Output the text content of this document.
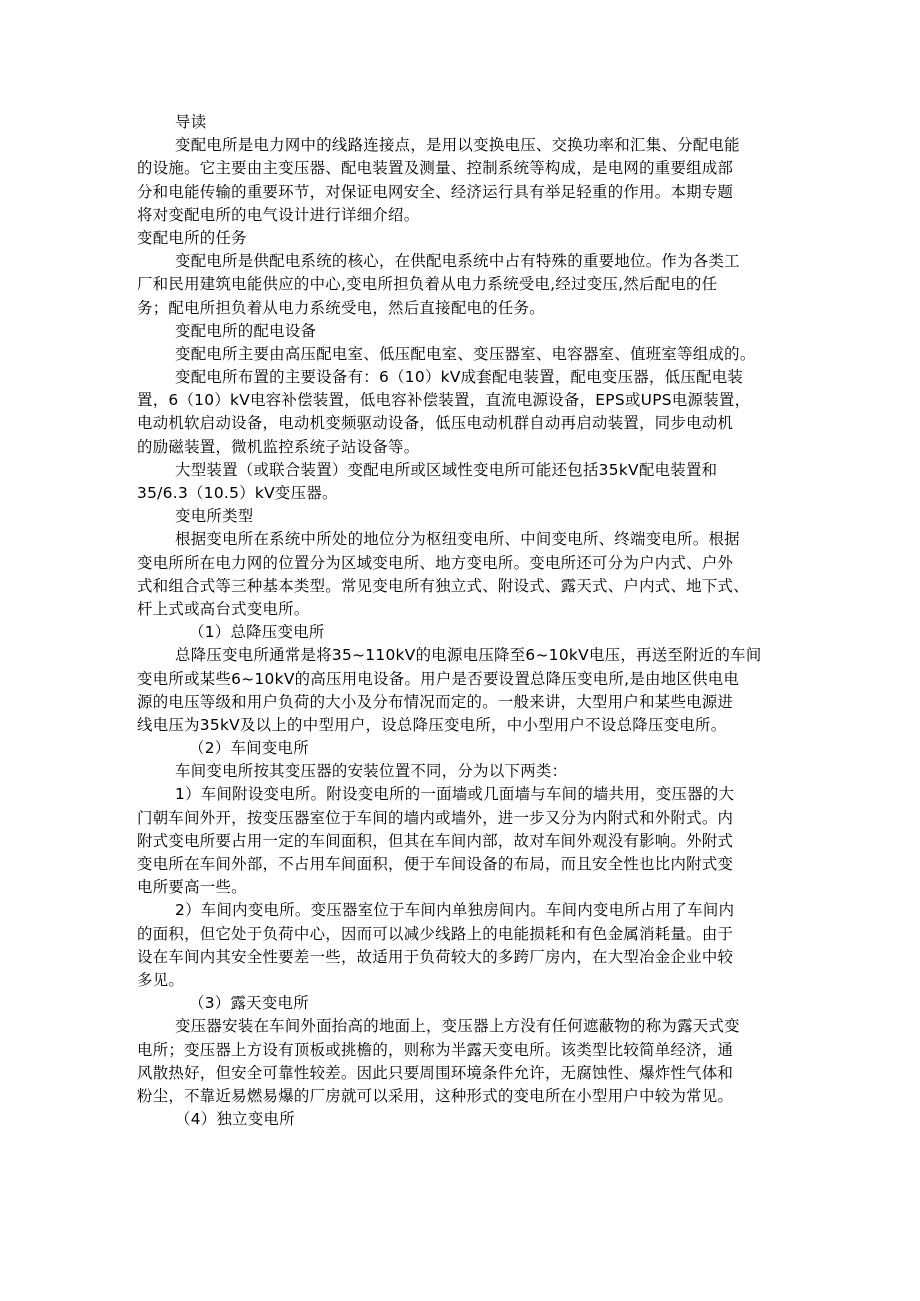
导读
变配电所是电力网中的线路连接点，是用以变换电压、交换功率和汇集、分配电能
的设施。它主要由主变压器、配电装置及测量、控制系统等构成，是电网的重要组成部
分和电能传输的重要环节，对保证电网安全、经济运行具有举足轻重的作用。本期专题
将对变配电所的电气设计进行详细介绍。
变配电所的任务
变配电所是供配电系统的核心，在供配电系统中占有特殊的重要地位。作为各类工
厂和民用建筑电能供应的中心,变电所担负着从电力系统受电,经过变压,然后配电的任
务；配电所担负着从电力系统受电，然后直接配电的任务。
变配电所的配电设备
变配电所主要由高压配电室、低压配电室、变压器室、电容器室、值班室等组成的。
变配电所布置的主要设备有：6（10）kV成套配电装置，配电变压器，低压配电装
置，6（10）kV电容补偿装置，低电容补偿装置，直流电源设备，EPS或UPS电源装置，
电动机软启动设备，电动机变频驱动设备，低压电动机群自动再启动装置，同步电动机
的励磁装置，微机监控系统子站设备等。
大型装置（或联合装置）变配电所或区域性变电所可能还包括35kV配电装置和
35/6.3（10.5）kV变压器。
变电所类型
根据变电所在系统中所处的地位分为枢纽变电所、中间变电所、终端变电所。根据
变电所所在电力网的位置分为区域变电所、地方变电所。变电所还可分为户内式、户外
式和组合式等三种基本类型。常见变电所有独立式、附设式、露天式、户内式、地下式、
杆上式或高台式变电所。
（1）总降压变电所
总降压变电所通常是将35~110kV的电源电压降至6~10kV电压，再送至附近的车间
变电所或某些6~10kV的高压用电设备。用户是否要设置总降压变电所,是由地区供电电
源的电压等级和用户负荷的大小及分布情况而定的。一般来讲，大型用户和某些电源进
线电压为35kV及以上的中型用户，设总降压变电所，中小型用户不设总降压变电所。
（2）车间变电所
车间变电所按其变压器的安装位置不同，分为以下两类：
1）车间附设变电所。附设变电所的一面墙或几面墙与车间的墙共用，变压器的大
门朝车间外开，按变压器室位于车间的墙内或墙外，进一步又分为内附式和外附式。内
附式变电所要占用一定的车间面积，但其在车间内部，故对车间外观没有影响。外附式
变电所在车间外部，不占用车间面积，便于车间设备的布局，而且安全性也比内附式变
电所要高一些。
2）车间内变电所。变压器室位于车间内单独房间内。车间内变电所占用了车间内
的面积，但它处于负荷中心，因而可以减少线路上的电能损耗和有色金属消耗量。由于
设在车间内其安全性要差一些，故适用于负荷较大的多跨厂房内，在大型冶金企业中较
多见。
（3）露天变电所
变压器安装在车间外面抬高的地面上，变压器上方没有任何遮蔽物的称为露天式变
电所；变压器上方设有顶板或挑檐的，则称为半露天变电所。该类型比较简单经济，通
风散热好，但安全可靠性较差。因此只要周围环境条件允许，无腐蚀性、爆炸性气体和
粉尘，不靠近易燃易爆的厂房就可以采用，这种形式的变电所在小型用户中较为常见。
（4）独立变电所
